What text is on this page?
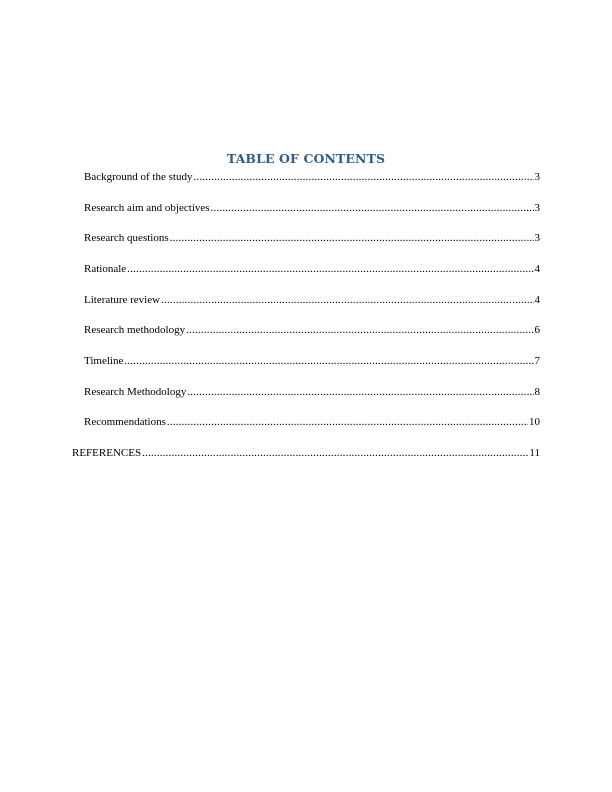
TABLE OF CONTENTS
Background of the study .....	3
Research aim and objectives .....	3
Research questions .....	3
Rationale .....	4
Literature review .....	4
Research methodology .....	6
Timeline .....	7
Research Methodology .....	8
Recommendations .....	10
REFERENCES .....	11
